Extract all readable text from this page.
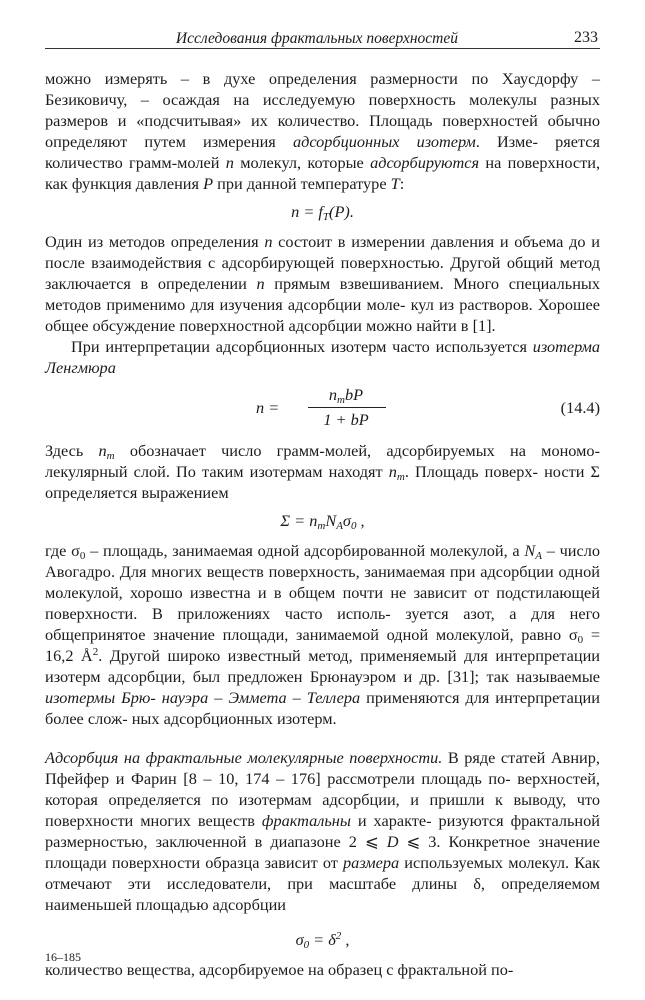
Исследования фрактальных поверхностей	233

можно измерять – в духе определения размерности по Хаусдорфу – Безиковичу, – осаждая на исследуемую поверхность молекулы разных размеров и «подсчитывая» их количество. Площадь поверхностей обычно определяют путем измерения адсорбционных изотерм. Изме- ряется количество грамм-молей n молекул, которые адсорбируются на поверхности, как функция давления P при данной температуре T:

$n = f_T(P)$.

Один из методов определения n состоит в измерении давления и объема до и после взаимодействия с адсорбирующей поверхностью. Другой общий метод заключается в определении n прямым взвешиванием. Много специальных методов применимо для изучения адсорбции моле- кул из растворов. Хорошее общее обсуждение поверхностной адсорбции можно найти в [1].

При интерпретации адсорбционных изотерм часто используется изотерма Ленгмюра

n =
$n_mbP$
1 + bP
(14.4)

Здесь $n_m$ обозначает число грамм-молей, адсорбируемых на мономо- лекулярный слой. По таким изотермам находят $n_m$. Площадь поверх- ности Σ определяется выражением

$\Sigma = n_mN_A\sigma_0$ ,

где $\sigma_0$ – площадь, занимаемая одной адсорбированной молекулой, а $N_A$ – число Авогадро. Для многих веществ поверхность, занимаемая при адсорбции одной молекулой, хорошо известна и в общем почти не зависит от подстилающей поверхности. В приложениях часто исполь- зуется азот, а для него общепринятое значение площади, занимаемой одной молекулой, равно $\sigma_0 = 16,2$ $Å^2$. Другой широко известный метод, применяемый для интерпретации изотерм адсорбции, был предложен Брюнауэром и др. [31]; так называемые изотермы Брю- науэра – Эммета – Теллера применяются для интерпретации более слож- ных адсорбционных изотерм.

Адсорбция на фрактальные молекулярные поверхности. В ряде статей Авнир, Пфейфер и Фарин [8 – 10, 174 – 176] рассмотрели площадь по- верхностей, которая определяется по изотермам адсорбции, и пришли к выводу, что поверхности многих веществ фрактальны и характе- ризуются фрактальной размерностью, заключенной в диапазоне 2 ⩽ D ⩽ 3. Конкретное значение площади поверхности образца зависит от размера используемых молекул. Как отмечают эти исследователи, при масштабе длины δ, определяемом наименьшей площадью адсорбции

$\sigma_0 = \delta^2$ ,

количество вещества, адсорбируемое на образец с фрактальной по-

16–185
